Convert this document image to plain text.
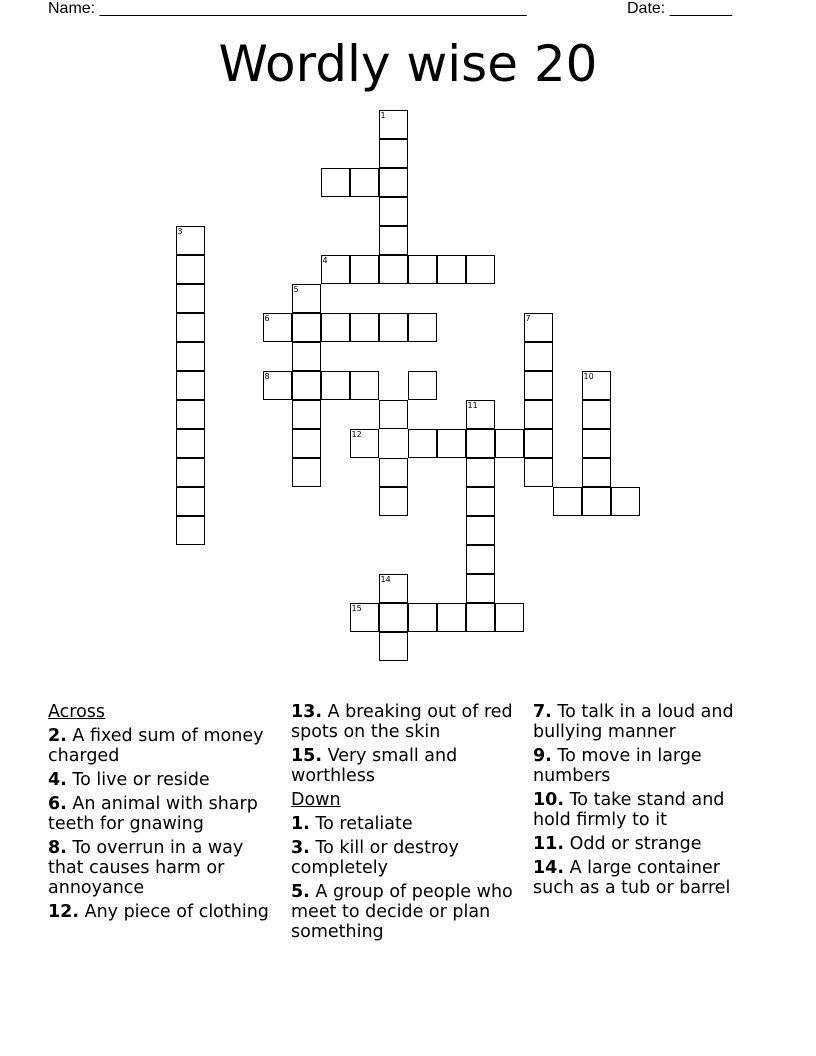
Name: ________________________________________________	Date: _______
Wordly wise 20
1
3
4
5
6	7
8	10
11
12
14
15
Across
2. A fixed sum of money charged
4. To live or reside
6. An animal with sharp teeth for gnawing
8. To overrun in a way that causes harm or annoyance
12. Any piece of clothing
13. A breaking out of red spots on the skin
15. Very small and worthless
Down
1. To retaliate
3. To kill or destroy completely
5. A group of people who meet to decide or plan something
7. To talk in a loud and bullying manner
9. To move in large numbers
10. To take stand and hold firmly to it
11. Odd or strange
14. A large container such as a tub or barrel
